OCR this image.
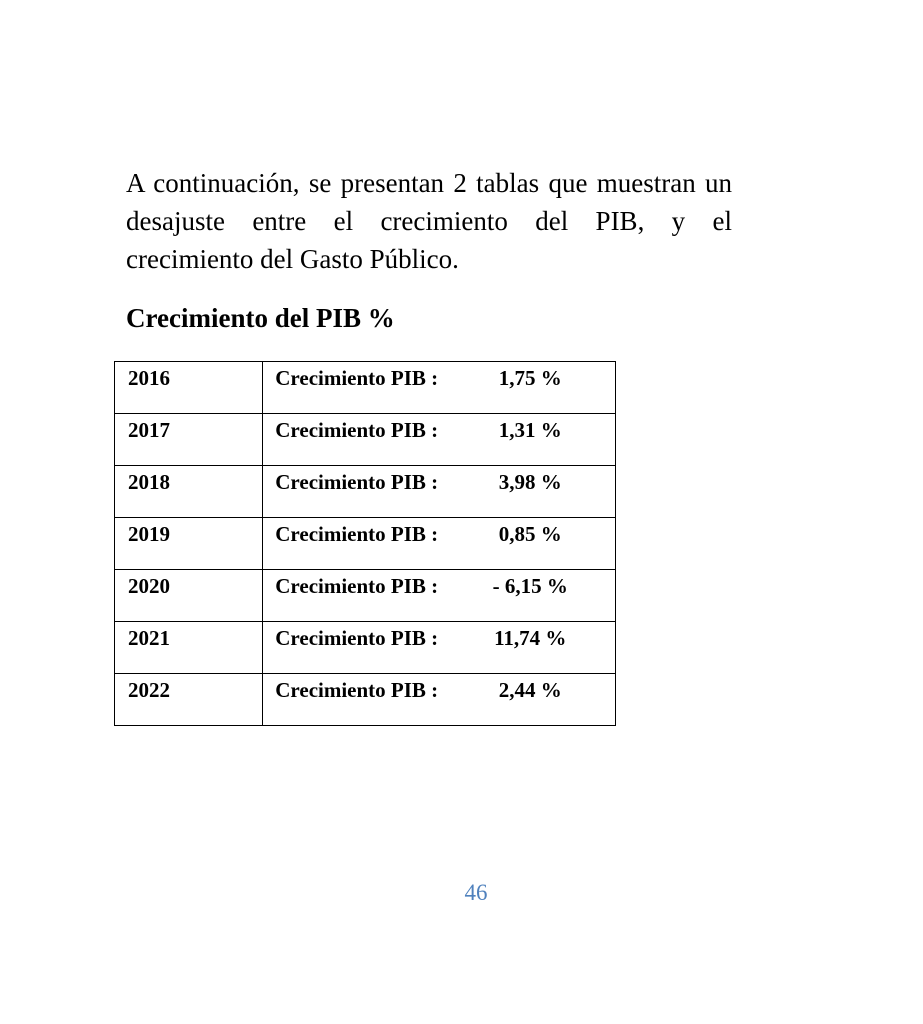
A continuación, se presentan 2 tablas que muestran un
desajuste entre el crecimiento del PIB, y el
crecimiento del Gasto Público.

Crecimiento del PIB %
2016	Crecimiento PIB : 1,75 %
2017	Crecimiento PIB : 1,31 %
2018	Crecimiento PIB : 3,98 %
2019	Crecimiento PIB : 0,85 %
2020	Crecimiento PIB : - 6,15 %
2021	Crecimiento PIB : 11,74 %
2022	Crecimiento PIB : 2,44 %
46
